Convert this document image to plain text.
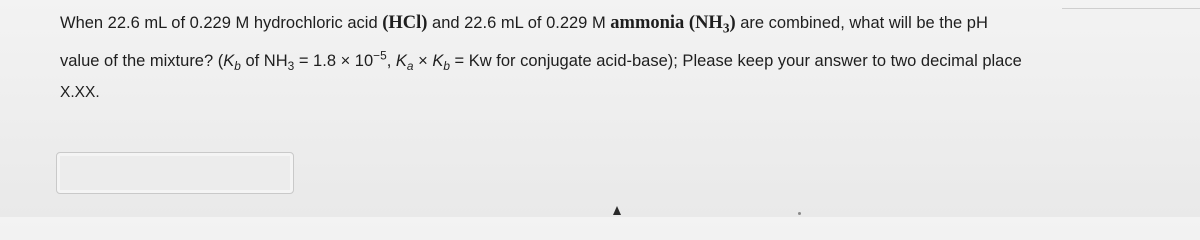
When 22.6 mL of 0.229 M hydrochloric acid (HCl) and 22.6 mL of 0.229 M ammonia $(NH_3)$ are combined, what will be the pH
value of the mixture? ($K_b$ of $NH_3 = 1.8 \times 10^{-5}$, $K_a \times K_b = Kw$ for conjugate acid-base); Please keep your answer to two decimal place
X.XX.
